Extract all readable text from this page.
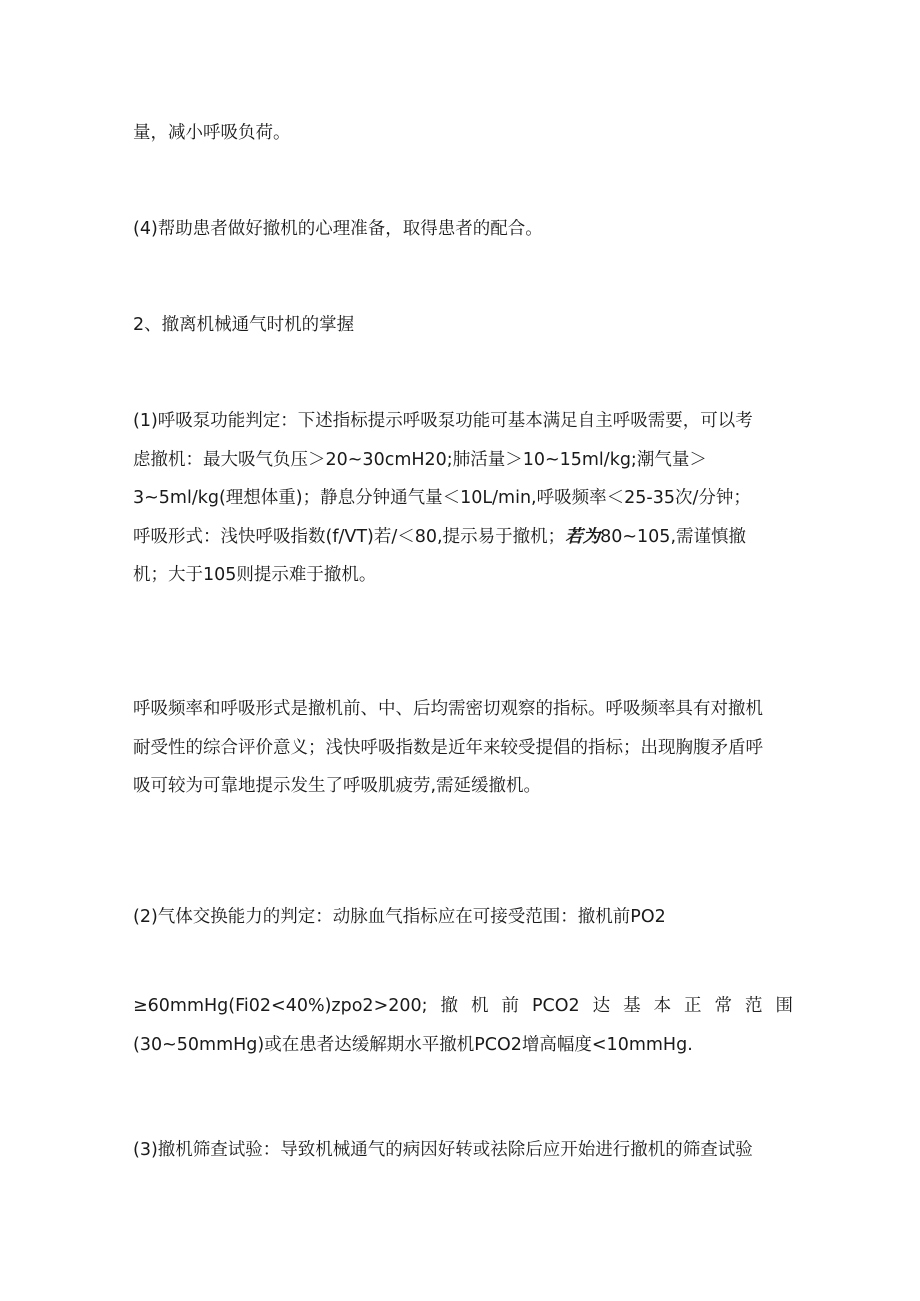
量，减小呼吸负荷。
(4)帮助患者做好撤机的心理准备，取得患者的配合。
2、撤离机械通气时机的掌握
(1)呼吸泵功能判定：下述指标提示呼吸泵功能可基本满足自主呼吸需要，可以考
虑撤机：最大吸气负压＞20~30cmH20;肺活量＞10~15ml/kg;潮气量＞
3~5ml/kg(理想体重)；静息分钟通气量＜10L/min,呼吸频率＜25-35次/分钟；
呼吸形式：浅快呼吸指数(f/VT)若/＜80,提示易于撤机；若为80~105,需谨慎撤
机；大于105则提示难于撤机。
呼吸频率和呼吸形式是撤机前、中、后均需密切观察的指标。呼吸频率具有对撤机
耐受性的综合评价意义；浅快呼吸指数是近年来较受提倡的指标；出现胸腹矛盾呼
吸可较为可靠地提示发生了呼吸肌疲劳,需延缓撤机。
(2)气体交换能力的判定：动脉血气指标应在可接受范围：撤机前PO2
≥60mmHg(Fi02<40%)zpo2>200;撤机前PCO2达基本正常范围
(30~50mmHg)或在患者达缓解期水平撤机PCO2增高幅度<10mmHg.
(3)撤机筛查试验：导致机械通气的病因好转或祛除后应开始进行撤机的筛查试验
